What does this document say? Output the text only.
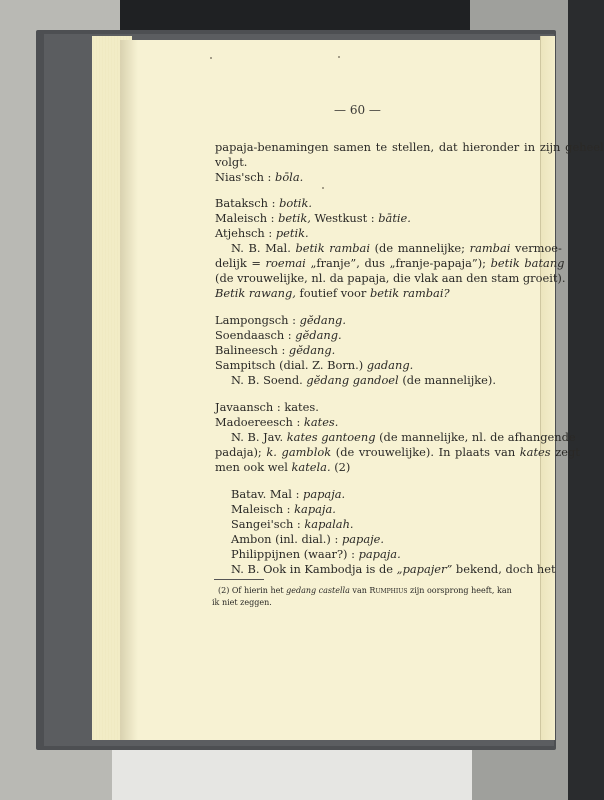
— 60 —
papaja-benamingen samen te stellen, dat hieronder in zijn geheel
volgt.
Nias'sch : bōla.
Bataksch : botik.
Maleisch : betik, Westkust : bātie.
Atjehsch : petik.
N. B. Mal. betik rambai (de mannelijke; rambai vermoe-
delijk = roemai „franje”, dus „franje-papaja”); betik batang
(de vrouwelijke, nl. da papaja, die vlak aan den stam groeit).
Betik rawang, foutief voor betik rambai?
Lampongsch : gĕdang.
Soendaasch : gĕdang.
Balineesch : gĕdang.
Sampitsch (dial. Z. Born.) gadang.
N. B. Soend. gĕdang gandoel (de mannelijke).
Javaansch : kates.
Madoereesch : kates.
N. B. Jav. kates gantoeng (de mannelijke, nl. de afhangende
padaja); k. gamblok (de vrouwelijke). In plaats van kates zegt
men ook wel katela. (2)
Batav. Mal : papaja.
Maleisch : kapaja.
Sangei'sch : kapalah.
Ambon (inl. dial.) : papaje.
Philippijnen (waar?) : papaja.
N. B. Ook in Kambodja is de „papajer” bekend, doch het
(2) Of hierin het gedang castella van Rumphius zijn oorsprong heeft, kan
ik niet zeggen.
